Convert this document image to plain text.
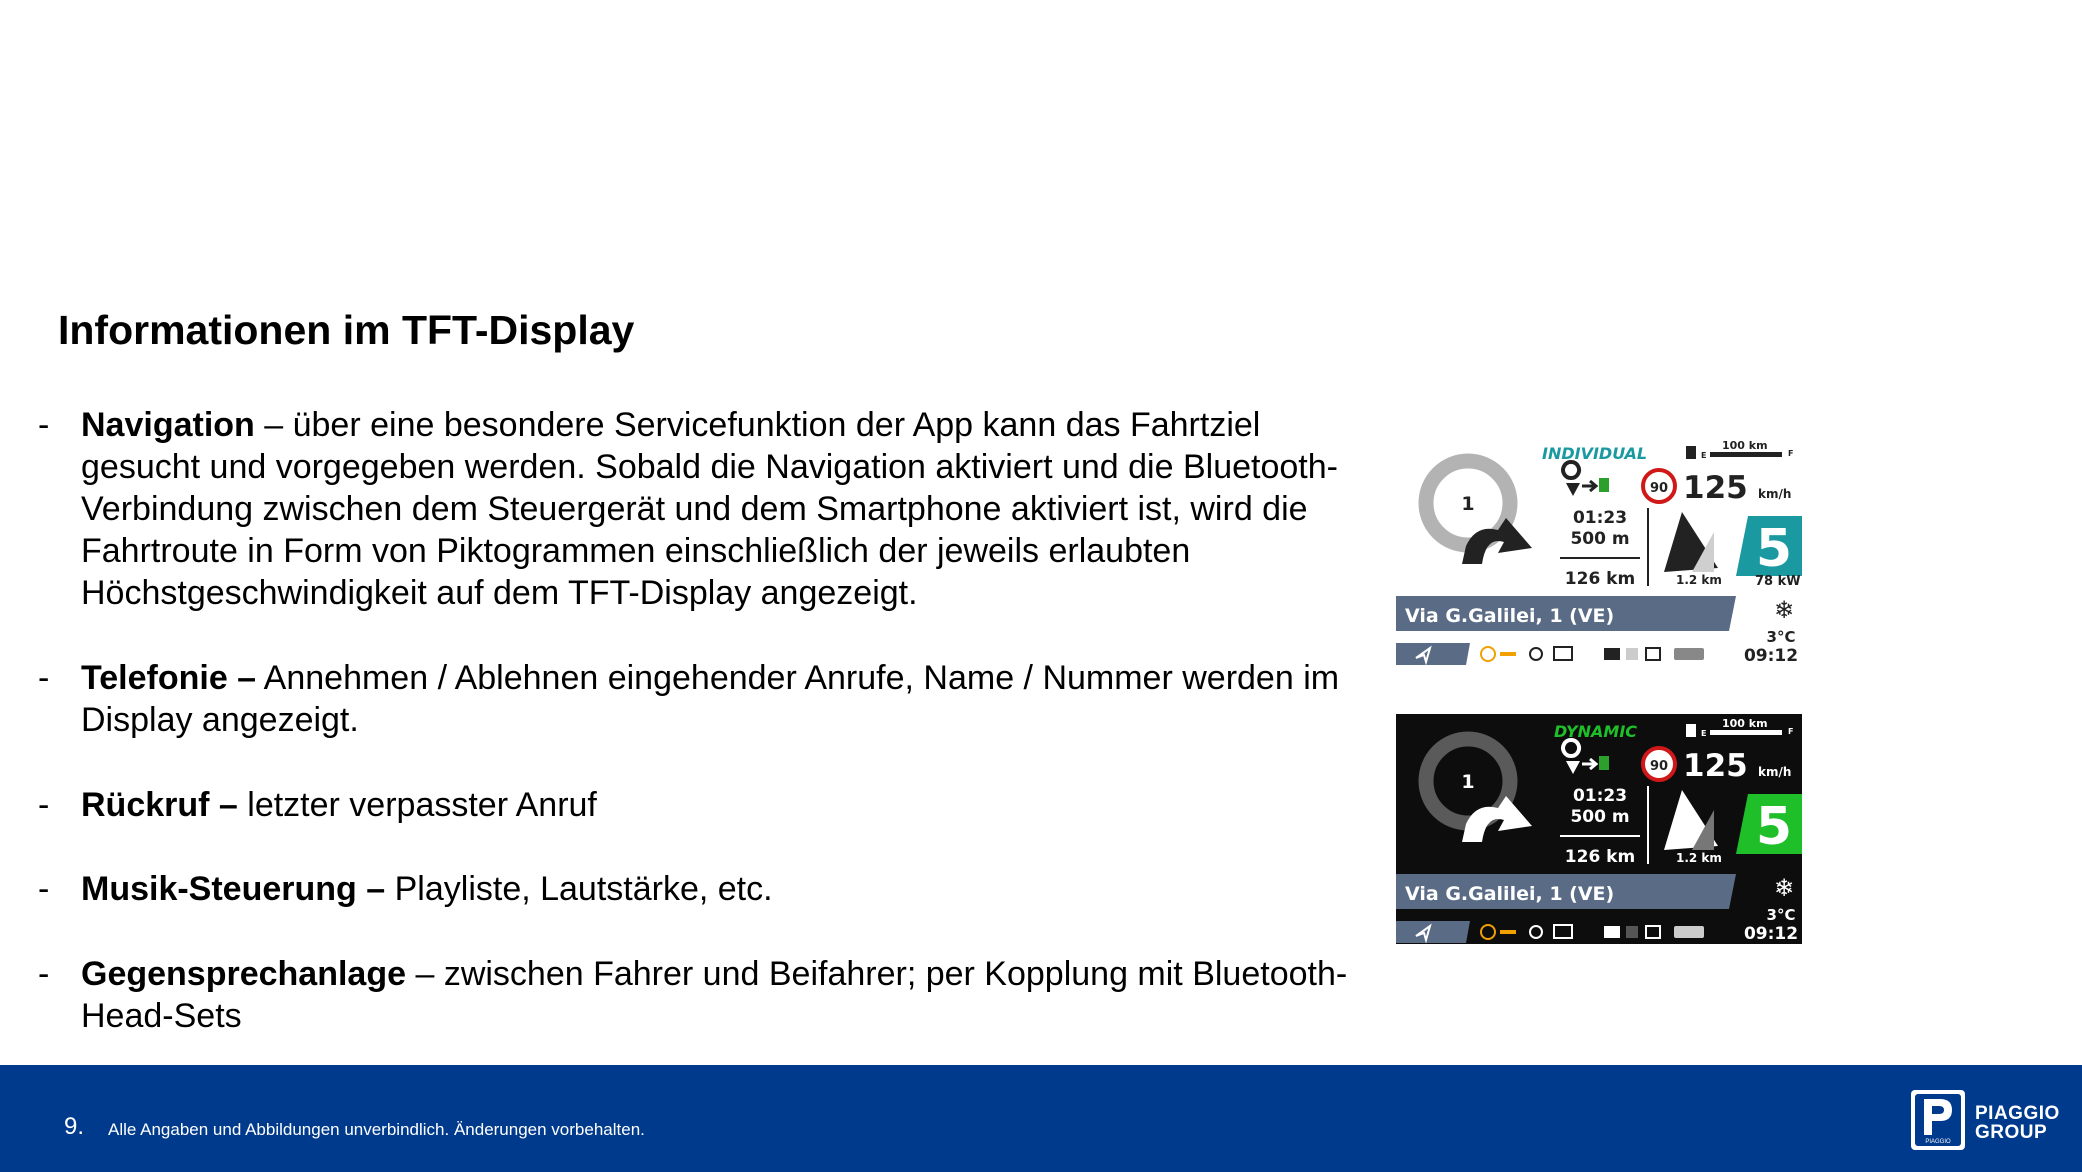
Informationen im TFT-Display
- Navigation – über eine besondere Servicefunktion der App kann das Fahrtziel gesucht und vorgegeben werden. Sobald die Navigation aktiviert und die Bluetooth-Verbindung zwischen dem Steuergerät und dem Smartphone aktiviert ist, wird die Fahrtroute in Form von Piktogrammen einschließlich der jeweils erlaubten Höchstgeschwindigkeit auf dem TFT-Display angezeigt.
- Telefonie – Annehmen / Ablehnen eingehender Anrufe, Name / Nummer werden im Display angezeigt.
- Rückruf – letzter verpasster Anruf
- Musik-Steuerung – Playliste, Lautstärke, etc.
- Gegensprechanlage – zwischen Fahrer und Beifahrer; per Kopplung mit Bluetooth-Head-Sets
INDIVIDUAL	E
100 km
F
1
90 125 km/h
01:23
500 m
126 km	1.2 km
5
78 kW
Via G.Galilei, 1 (VE)	❄
3°C
09:12
DYNAMIC	E
100 km
F
1
90 125 km/h
01:23
500 m
126 km	1.2 km
5
Via G.Galilei, 1 (VE)	❄
3°C
09:12
9. Alle Angaben und Abbildungen unverbindlich. Änderungen vorbehalten.
PIAGGIO
PIAGGIO
GROUP
